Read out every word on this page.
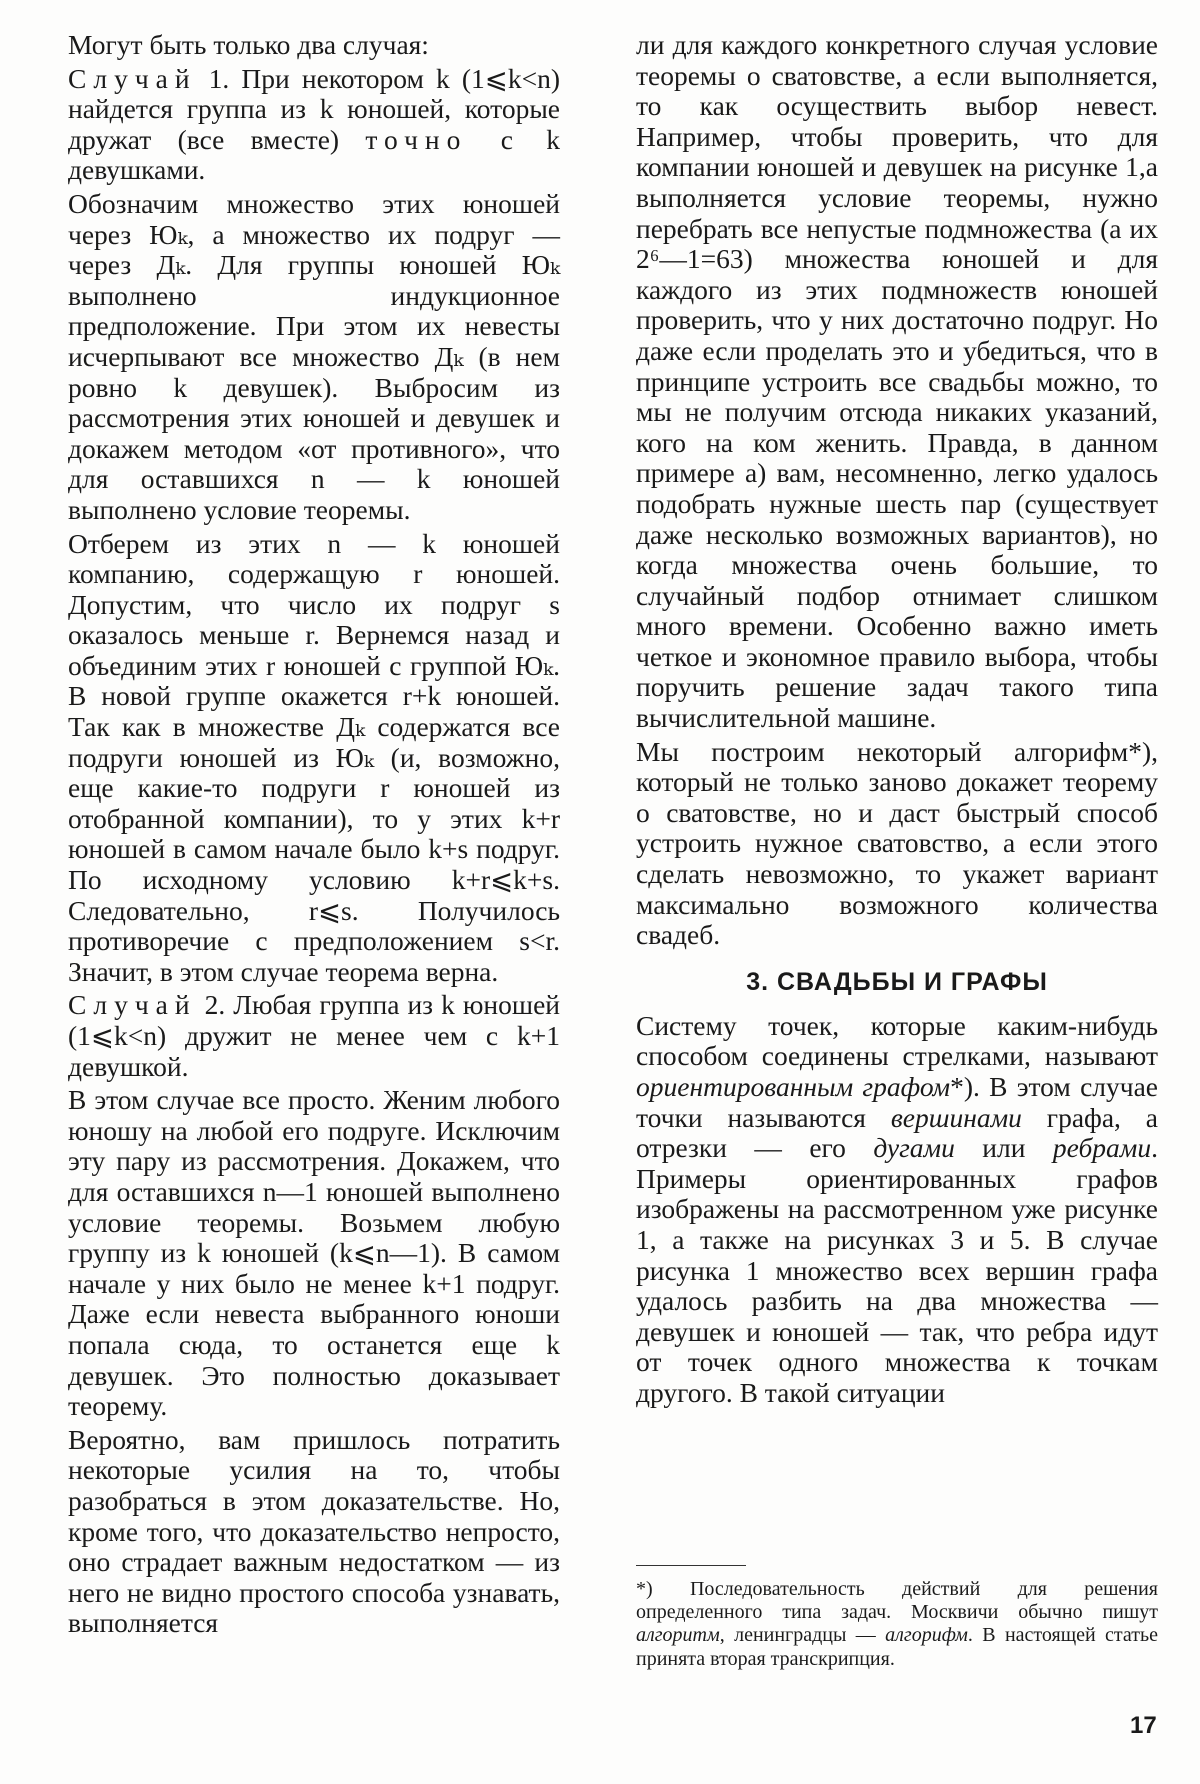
Могут быть только два случая:

Случай 1. При некотором k (1⩽k<n) найдется группа из k юношей, которые дружат (все вместе) точно с k девушками.

Обозначим множество этих юношей через Юₖ, а множество их подруг — через Дₖ. Для группы юношей Юₖ выполнено индукционное предположение. При этом их невесты исчерпывают все множество Дₖ (в нем ровно k девушек). Выбросим из рассмотрения этих юношей и девушек и докажем методом «от противного», что для оставшихся n — k юношей выполнено условие теоремы.

Отберем из этих n — k юношей компанию, содержащую r юношей. Допустим, что число их подруг s оказалось меньше r. Вернемся назад и объединим этих r юношей с группой Юₖ. В новой группе окажется r+k юношей. Так как в множестве Дₖ содержатся все подруги юношей из Юₖ (и, возможно, еще какие-то подруги r юношей из отобранной компании), то у этих k+r юношей в самом начале было k+s подруг. По исходному условию k+r⩽k+s. Следовательно, r⩽s. Получилось противоречие с предположением s<r. Значит, в этом случае теорема верна.

Случай 2. Любая группа из k юношей (1⩽k<n) дружит не менее чем с k+1 девушкой.

В этом случае все просто. Женим любого юношу на любой его подруге. Исключим эту пару из рассмотрения. Докажем, что для оставшихся n—1 юношей выполнено условие теоремы. Возьмем любую группу из k юношей (k⩽n—1). В самом начале у них было не менее k+1 подруг. Даже если невеста выбранного юноши попала сюда, то останется еще k девушек. Это полностью доказывает теорему.

Вероятно, вам пришлось потратить некоторые усилия на то, чтобы разобраться в этом доказательстве. Но, кроме того, что доказательство непросто, оно страдает важным недостатком — из него не видно простого способа узнавать, выполняется

ли для каждого конкретного случая условие теоремы о сватовстве, а если выполняется, то как осуществить выбор невест. Например, чтобы проверить, что для компании юношей и девушек на рисунке 1,а выполняется условие теоремы, нужно перебрать все непустые подмножества (а их 2⁶—1=63) множества юношей и для каждого из этих подмножеств юношей проверить, что у них достаточно подруг. Но даже если проделать это и убедиться, что в принципе устроить все свадьбы можно, то мы не получим отсюда никаких указаний, кого на ком женить. Правда, в данном примере а) вам, несомненно, легко удалось подобрать нужные шесть пар (существует даже несколько возможных вариантов), но когда множества очень большие, то случайный подбор отнимает слишком много времени. Особенно важно иметь четкое и экономное правило выбора, чтобы поручить решение задач такого типа вычислительной машине.

Мы построим некоторый алгорифм*), который не только заново докажет теорему о сватовстве, но и даст быстрый способ устроить нужное сватовство, а если этого сделать невозможно, то укажет вариант максимально возможного количества свадеб.

3. СВАДЬБЫ И ГРАФЫ

Систему точек, которые каким-нибудь способом соединены стрелками, называют ориентированным графом*). В этом случае точки называются вершинами графа, а отрезки — его дугами или ребрами. Примеры ориентированных графов изображены на рассмотренном уже рисунке 1, а также на рисунках 3 и 5. В случае рисунка 1 множество всех вершин графа удалось разбить на два множества — девушек и юношей — так, что ребра идут от точек одного множества к точкам другого. В такой ситуации

*) Последовательность действий для решения определенного типа задач. Москвичи обычно пишут алгоритм, ленинградцы — алгорифм. В настоящей статье принята вторая транскрипция.

17
